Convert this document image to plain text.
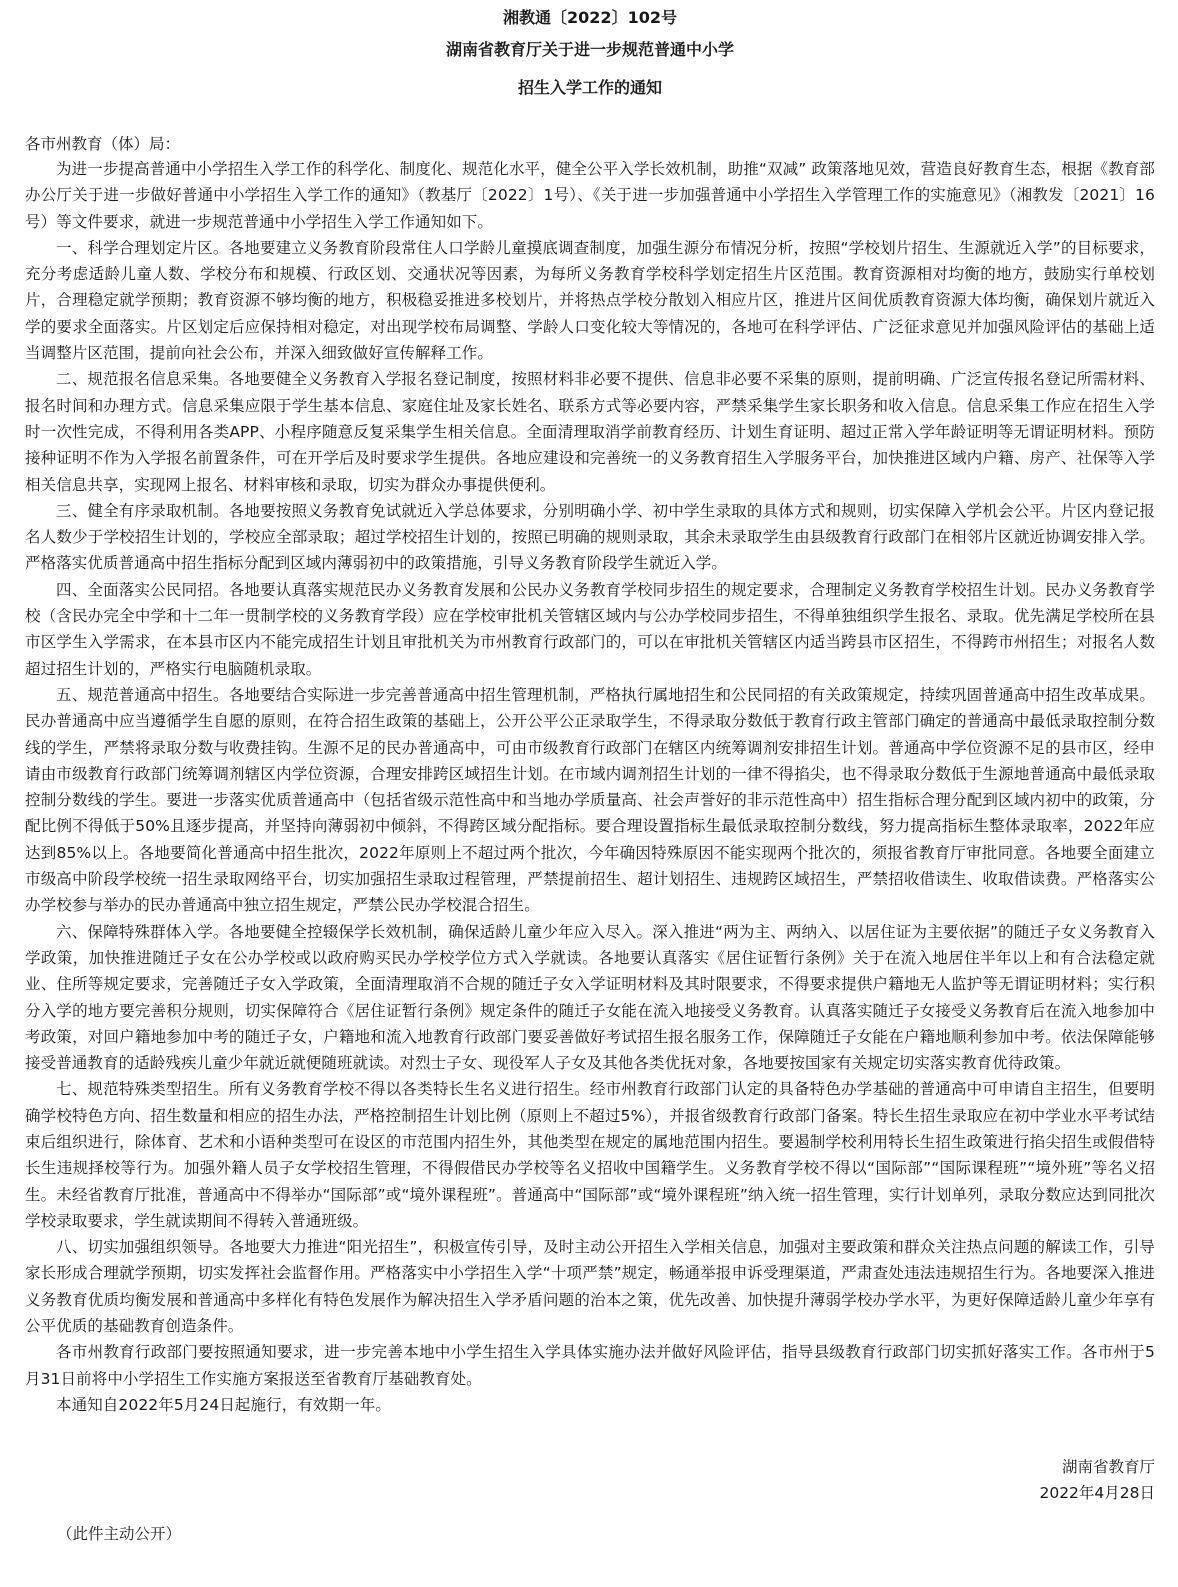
湘教通〔2022〕102号

湖南省教育厅关于进一步规范普通中小学

招生入学工作的通知

各市州教育（体）局：

为进一步提高普通中小学招生入学工作的科学化、制度化、规范化水平，健全公平入学长效机制，助推“双减” 政策落地见效，营造良好教育生态，根据《教育部办公厅关于进一步做好普通中小学招生入学工作的通知》（教基厅〔2022〕1号）、《关于进一步加强普通中小学招生入学管理工作的实施意见》（湘教发〔2021〕16号）等文件要求，就进一步规范普通中小学招生入学工作通知如下。

一、科学合理划定片区。各地要建立义务教育阶段常住人口学龄儿童摸底调查制度，加强生源分布情况分析，按照“学校划片招生、生源就近入学”的目标要求，充分考虑适龄儿童人数、学校分布和规模、行政区划、交通状况等因素，为每所义务教育学校科学划定招生片区范围。教育资源相对均衡的地方，鼓励实行单校划片，合理稳定就学预期；教育资源不够均衡的地方，积极稳妥推进多校划片，并将热点学校分散划入相应片区，推进片区间优质教育资源大体均衡，确保划片就近入学的要求全面落实。片区划定后应保持相对稳定，对出现学校布局调整、学龄人口变化较大等情况的，各地可在科学评估、广泛征求意见并加强风险评估的基础上适当调整片区范围，提前向社会公布，并深入细致做好宣传解释工作。

二、规范报名信息采集。各地要健全义务教育入学报名登记制度，按照材料非必要不提供、信息非必要不采集的原则，提前明确、广泛宣传报名登记所需材料、报名时间和办理方式。信息采集应限于学生基本信息、家庭住址及家长姓名、联系方式等必要内容，严禁采集学生家长职务和收入信息。信息采集工作应在招生入学时一次性完成，不得利用各类APP、小程序随意反复采集学生相关信息。全面清理取消学前教育经历、计划生育证明、超过正常入学年龄证明等无谓证明材料。预防接种证明不作为入学报名前置条件，可在开学后及时要求学生提供。各地应建设和完善统一的义务教育招生入学服务平台，加快推进区域内户籍、房产、社保等入学相关信息共享，实现网上报名、材料审核和录取，切实为群众办事提供便利。

三、健全有序录取机制。各地要按照义务教育免试就近入学总体要求，分别明确小学、初中学生录取的具体方式和规则，切实保障入学机会公平。片区内登记报名人数少于学校招生计划的，学校应全部录取；超过学校招生计划的，按照已明确的规则录取，其余未录取学生由县级教育行政部门在相邻片区就近协调安排入学。严格落实优质普通高中招生指标分配到区域内薄弱初中的政策措施，引导义务教育阶段学生就近入学。

四、全面落实公民同招。各地要认真落实规范民办义务教育发展和公民办义务教育学校同步招生的规定要求，合理制定义务教育学校招生计划。民办义务教育学校（含民办完全中学和十二年一贯制学校的义务教育学段）应在学校审批机关管辖区域内与公办学校同步招生，不得单独组织学生报名、录取。优先满足学校所在县市区学生入学需求，在本县市区内不能完成招生计划且审批机关为市州教育行政部门的，可以在审批机关管辖区内适当跨县市区招生，不得跨市州招生；对报名人数超过招生计划的，严格实行电脑随机录取。

五、规范普通高中招生。各地要结合实际进一步完善普通高中招生管理机制，严格执行属地招生和公民同招的有关政策规定，持续巩固普通高中招生改革成果。民办普通高中应当遵循学生自愿的原则，在符合招生政策的基础上，公开公平公正录取学生，不得录取分数低于教育行政主管部门确定的普通高中最低录取控制分数线的学生，严禁将录取分数与收费挂钩。生源不足的民办普通高中，可由市级教育行政部门在辖区内统筹调剂安排招生计划。普通高中学位资源不足的县市区，经申请由市级教育行政部门统筹调剂辖区内学位资源，合理安排跨区域招生计划。在市域内调剂招生计划的一律不得掐尖，也不得录取分数低于生源地普通高中最低录取控制分数线的学生。要进一步落实优质普通高中（包括省级示范性高中和当地办学质量高、社会声誉好的非示范性高中）招生指标合理分配到区域内初中的政策，分配比例不得低于50%且逐步提高，并坚持向薄弱初中倾斜，不得跨区域分配指标。要合理设置指标生最低录取控制分数线，努力提高指标生整体录取率，2022年应达到85%以上。各地要简化普通高中招生批次，2022年原则上不超过两个批次，今年确因特殊原因不能实现两个批次的，须报省教育厅审批同意。各地要全面建立市级高中阶段学校统一招生录取网络平台，切实加强招生录取过程管理，严禁提前招生、超计划招生、违规跨区域招生，严禁招收借读生、收取借读费。严格落实公办学校参与举办的民办普通高中独立招生规定，严禁公民办学校混合招生。

六、保障特殊群体入学。各地要健全控辍保学长效机制，确保适龄儿童少年应入尽入。深入推进“两为主、两纳入、以居住证为主要依据”的随迁子女义务教育入学政策，加快推进随迁子女在公办学校或以政府购买民办学校学位方式入学就读。各地要认真落实《居住证暂行条例》关于在流入地居住半年以上和有合法稳定就业、住所等规定要求，完善随迁子女入学政策，全面清理取消不合规的随迁子女入学证明材料及其时限要求，不得要求提供户籍地无人监护等无谓证明材料；实行积分入学的地方要完善积分规则，切实保障符合《居住证暂行条例》规定条件的随迁子女能在流入地接受义务教育。认真落实随迁子女接受义务教育后在流入地参加中考政策，对回户籍地参加中考的随迁子女，户籍地和流入地教育行政部门要妥善做好考试招生报名服务工作，保障随迁子女能在户籍地顺利参加中考。依法保障能够接受普通教育的适龄残疾儿童少年就近就便随班就读。对烈士子女、现役军人子女及其他各类优抚对象，各地要按国家有关规定切实落实教育优待政策。

七、规范特殊类型招生。所有义务教育学校不得以各类特长生名义进行招生。经市州教育行政部门认定的具备特色办学基础的普通高中可申请自主招生，但要明确学校特色方向、招生数量和相应的招生办法，严格控制招生计划比例（原则上不超过5%），并报省级教育行政部门备案。特长生招生录取应在初中学业水平考试结束后组织进行，除体育、艺术和小语种类型可在设区的市范围内招生外，其他类型在规定的属地范围内招生。要遏制学校利用特长生招生政策进行掐尖招生或假借特长生违规择校等行为。加强外籍人员子女学校招生管理，不得假借民办学校等名义招收中国籍学生。义务教育学校不得以“国际部”“国际课程班”“境外班”等名义招生。未经省教育厅批准，普通高中不得举办“国际部”或“境外课程班”。普通高中“国际部”或“境外课程班”纳入统一招生管理，实行计划单列，录取分数应达到同批次学校录取要求，学生就读期间不得转入普通班级。

八、切实加强组织领导。各地要大力推进“阳光招生”，积极宣传引导，及时主动公开招生入学相关信息，加强对主要政策和群众关注热点问题的解读工作，引导家长形成合理就学预期，切实发挥社会监督作用。严格落实中小学招生入学“十项严禁”规定，畅通举报申诉受理渠道，严肃查处违法违规招生行为。各地要深入推进义务教育优质均衡发展和普通高中多样化有特色发展作为解决招生入学矛盾问题的治本之策，优先改善、加快提升薄弱学校办学水平，为更好保障适龄儿童少年享有公平优质的基础教育创造条件。

各市州教育行政部门要按照通知要求，进一步完善本地中小学生招生入学具体实施办法并做好风险评估，指导县级教育行政部门切实抓好落实工作。各市州于5月31日前将中小学招生工作实施方案报送至省教育厅基础教育处。

本通知自2022年5月24日起施行，有效期一年。

湖南省教育厅

2022年4月28日

（此件主动公开）
